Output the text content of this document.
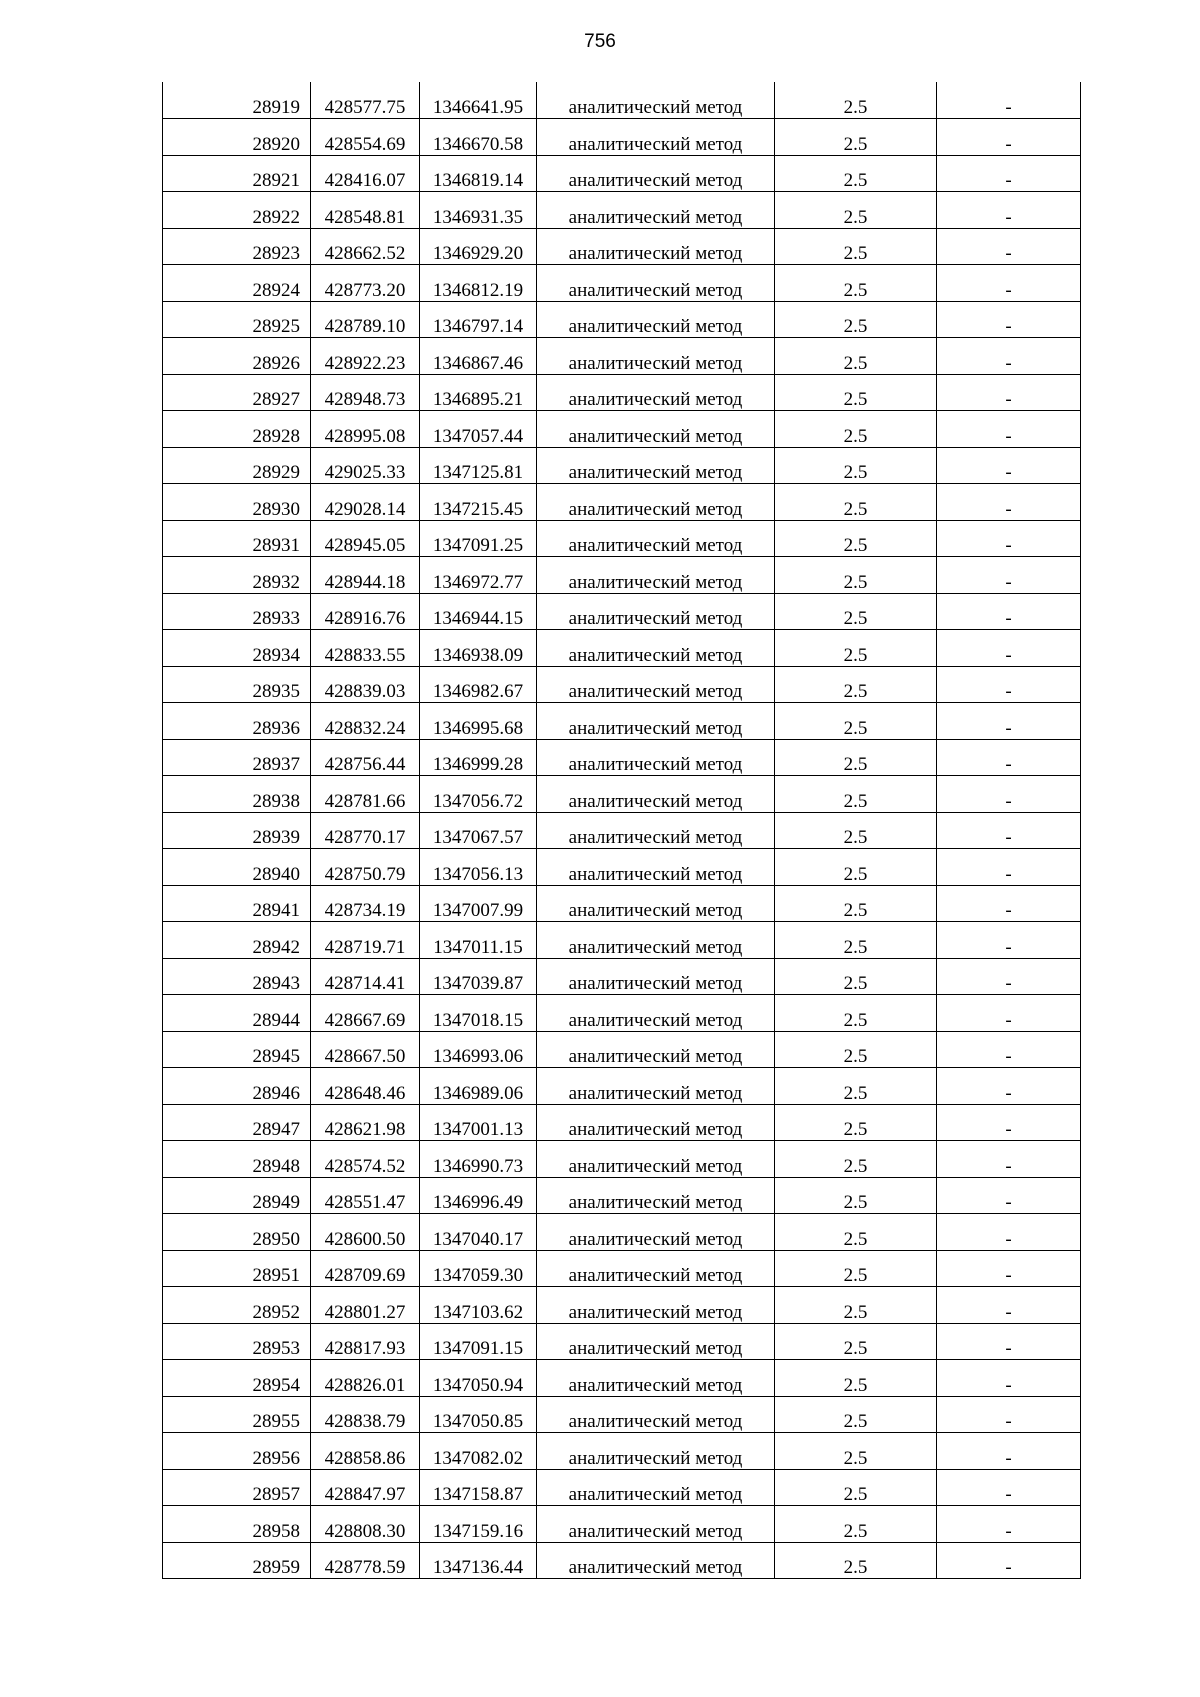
756
28919	428577.75	1346641.95	аналитический метод	2.5	-
28920	428554.69	1346670.58	аналитический метод	2.5	-
28921	428416.07	1346819.14	аналитический метод	2.5	-
28922	428548.81	1346931.35	аналитический метод	2.5	-
28923	428662.52	1346929.20	аналитический метод	2.5	-
28924	428773.20	1346812.19	аналитический метод	2.5	-
28925	428789.10	1346797.14	аналитический метод	2.5	-
28926	428922.23	1346867.46	аналитический метод	2.5	-
28927	428948.73	1346895.21	аналитический метод	2.5	-
28928	428995.08	1347057.44	аналитический метод	2.5	-
28929	429025.33	1347125.81	аналитический метод	2.5	-
28930	429028.14	1347215.45	аналитический метод	2.5	-
28931	428945.05	1347091.25	аналитический метод	2.5	-
28932	428944.18	1346972.77	аналитический метод	2.5	-
28933	428916.76	1346944.15	аналитический метод	2.5	-
28934	428833.55	1346938.09	аналитический метод	2.5	-
28935	428839.03	1346982.67	аналитический метод	2.5	-
28936	428832.24	1346995.68	аналитический метод	2.5	-
28937	428756.44	1346999.28	аналитический метод	2.5	-
28938	428781.66	1347056.72	аналитический метод	2.5	-
28939	428770.17	1347067.57	аналитический метод	2.5	-
28940	428750.79	1347056.13	аналитический метод	2.5	-
28941	428734.19	1347007.99	аналитический метод	2.5	-
28942	428719.71	1347011.15	аналитический метод	2.5	-
28943	428714.41	1347039.87	аналитический метод	2.5	-
28944	428667.69	1347018.15	аналитический метод	2.5	-
28945	428667.50	1346993.06	аналитический метод	2.5	-
28946	428648.46	1346989.06	аналитический метод	2.5	-
28947	428621.98	1347001.13	аналитический метод	2.5	-
28948	428574.52	1346990.73	аналитический метод	2.5	-
28949	428551.47	1346996.49	аналитический метод	2.5	-
28950	428600.50	1347040.17	аналитический метод	2.5	-
28951	428709.69	1347059.30	аналитический метод	2.5	-
28952	428801.27	1347103.62	аналитический метод	2.5	-
28953	428817.93	1347091.15	аналитический метод	2.5	-
28954	428826.01	1347050.94	аналитический метод	2.5	-
28955	428838.79	1347050.85	аналитический метод	2.5	-
28956	428858.86	1347082.02	аналитический метод	2.5	-
28957	428847.97	1347158.87	аналитический метод	2.5	-
28958	428808.30	1347159.16	аналитический метод	2.5	-
28959	428778.59	1347136.44	аналитический метод	2.5	-
